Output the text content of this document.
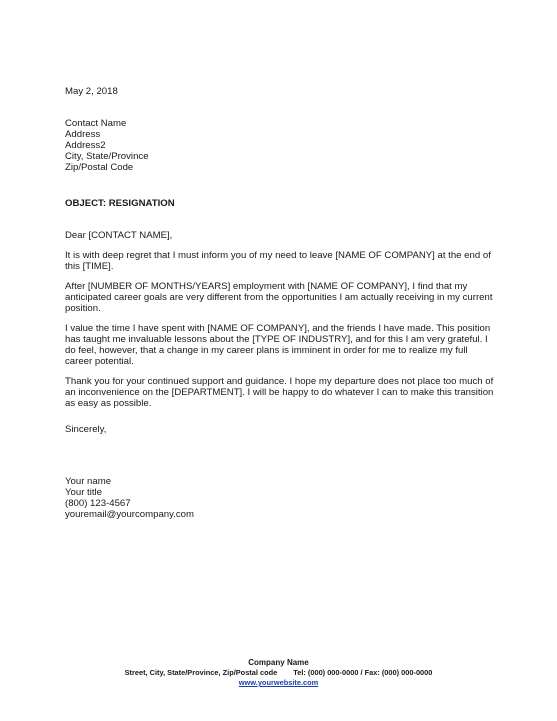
May 2, 2018
Contact Name
Address
Address2
City, State/Province
Zip/Postal Code
OBJECT: RESIGNATION
Dear [CONTACT NAME],

It is with deep regret that I must inform you of my need to leave [NAME OF COMPANY] at the end of this [TIME].

After [NUMBER OF MONTHS/YEARS] employment with [NAME OF COMPANY], I find that my anticipated career goals are very different from the opportunities I am actually receiving in my current position.

I value the time I have spent with [NAME OF COMPANY], and the friends I have made. This position has taught me invaluable lessons about the [TYPE OF INDUSTRY], and for this I am very grateful. I do feel, however, that a change in my career plans is imminent in order for me to realize my full career potential.

Thank you for your continued support and guidance. I hope my departure does not place too much of an inconvenience on the [DEPARTMENT]. I will be happy to do whatever I can to make this transition as easy as possible.

Sincerely,
Your name
Your title
(800) 123-4567
youremail@yourcompany.com
Company Name
Street, City, State/Province, Zip/Postal code Tel: (000) 000-0000 / Fax: (000) 000-0000
www.yourwebsite.com
